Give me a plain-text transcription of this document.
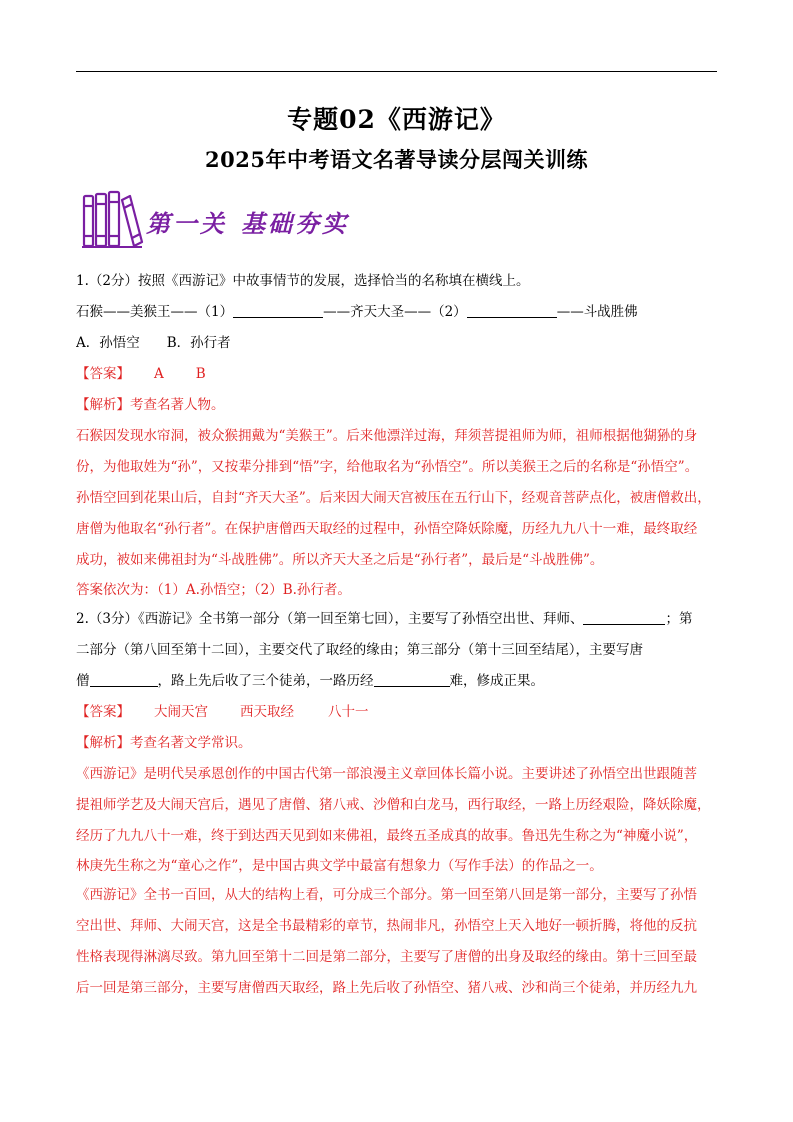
专题02《西游记》
2025年中考语文名著导读分层闯关训练
第一关 基础夯实
1.（2分）按照《西游记》中故事情节的发展，选择恰当的名称填在横线上。
石猴——美猴王——（1）	——齐天大圣——（2）	——斗战胜佛
A．孙悟空　　B．孙行者
【答案】 A B
【解析】考查名著人物。
石猴因发现水帘洞，被众猴拥戴为“美猴王”。后来他漂洋过海，拜须菩提祖师为师，祖师根据他猢狲的身
份，为他取姓为“孙”，又按辈分排到“悟”字，给他取名为“孙悟空”。所以美猴王之后的名称是“孙悟空”。
孙悟空回到花果山后，自封“齐天大圣”。后来因大闹天宫被压在五行山下，经观音菩萨点化，被唐僧救出，
唐僧为他取名“孙行者”。在保护唐僧西天取经的过程中，孙悟空降妖除魔，历经九九八十一难，最终取经
成功，被如来佛祖封为“斗战胜佛”。所以齐天大圣之后是“孙行者”，最后是“斗战胜佛”。
答案依次为：（1）A.孙悟空；（2）B.孙行者。
2.（3分）《西游记》全书第一部分（第一回至第七回），主要写了孙悟空出世、拜师、	；第
二部分（第八回至第十二回），主要交代了取经的缘由；第三部分（第十三回至结尾），主要写唐
僧	，路上先后收了三个徒弟，一路历经	难，修成正果。
【答案】 大闹天宫 西天取经	八十一
【解析】考查名著文学常识。
《西游记》是明代吴承恩创作的中国古代第一部浪漫主义章回体长篇小说。主要讲述了孙悟空出世跟随菩
提祖师学艺及大闹天宫后，遇见了唐僧、猪八戒、沙僧和白龙马，西行取经，一路上历经艰险，降妖除魔，
经历了九九八十一难，终于到达西天见到如来佛祖，最终五圣成真的故事。鲁迅先生称之为“神魔小说”，
林庚先生称之为“童心之作”，是中国古典文学中最富有想象力（写作手法）的作品之一。
《西游记》全书一百回，从大的结构上看，可分成三个部分。第一回至第八回是第一部分，主要写了孙悟
空出世、拜师、大闹天宫，这是全书最精彩的章节，热闹非凡，孙悟空上天入地好一顿折腾，将他的反抗
性格表现得淋漓尽致。第九回至第十二回是第二部分，主要写了唐僧的出身及取经的缘由。第十三回至最
后一回是第三部分，主要写唐僧西天取经，路上先后收了孙悟空、猪八戒、沙和尚三个徒弟，并历经九九
